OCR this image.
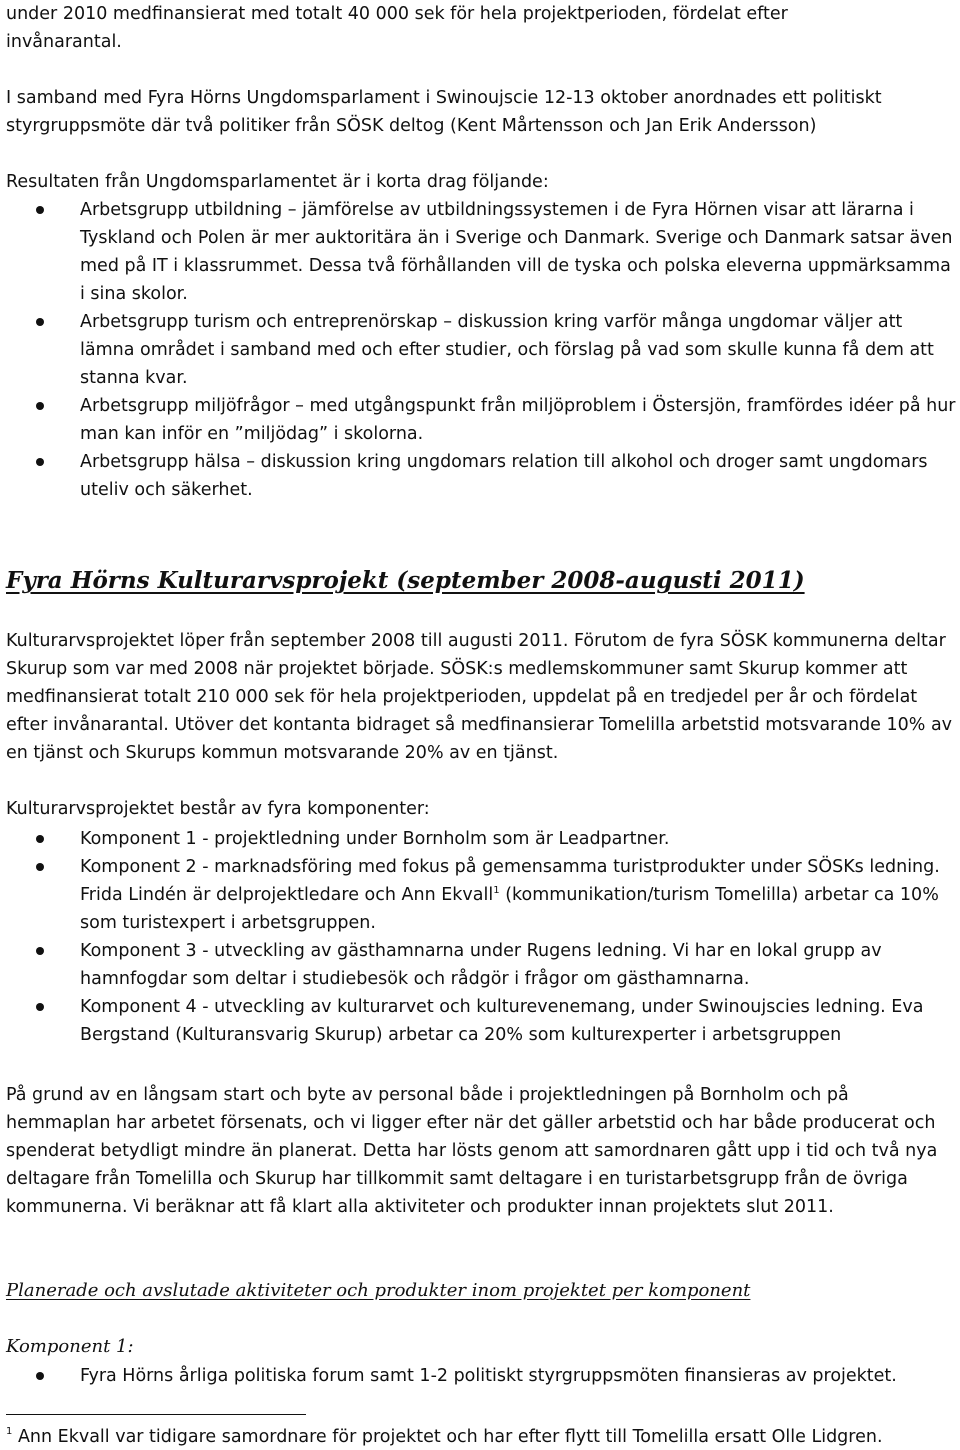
under 2010 medfinansierat med totalt 40 000 sek för hela projektperioden, fördelat efter
invånarantal.

I samband med Fyra Hörns Ungdomsparlament i Swinoujscie 12-13 oktober anordnades ett politiskt styrgruppsmöte där två politiker från SÖSK deltog (Kent Mårtensson och Jan Erik Andersson)

Resultaten från Ungdomsparlamentet är i korta drag följande:

Arbetsgrupp utbildning – jämförelse av utbildningssystemen i de Fyra Hörnen visar att lärarna i Tyskland och Polen är mer auktoritära än i Sverige och Danmark. Sverige och Danmark satsar även med på IT i klassrummet. Dessa två förhållanden vill de tyska och polska eleverna uppmärksamma i sina skolor.
Arbetsgrupp turism och entreprenörskap – diskussion kring varför många ungdomar väljer att lämna området i samband med och efter studier, och förslag på vad som skulle kunna få dem att stanna kvar.
Arbetsgrupp miljöfrågor – med utgångspunkt från miljöproblem i Östersjön, framfördes idéer på hur man kan inför en ”miljödag” i skolorna.
Arbetsgrupp hälsa – diskussion kring ungdomars relation till alkohol och droger samt ungdomars uteliv och säkerhet.
Fyra Hörns Kulturarvsprojekt (september 2008-augusti 2011)

Kulturarvsprojektet löper från september 2008 till augusti 2011. Förutom de fyra SÖSK kommunerna deltar Skurup som var med 2008 när projektet började. SÖSK:s medlemskommuner samt Skurup kommer att medfinansierat totalt 210 000 sek för hela projektperioden, uppdelat på en tredjedel per år och fördelat efter invånarantal. Utöver det kontanta bidraget så medfinansierar Tomelilla arbetstid motsvarande 10% av en tjänst och Skurups kommun motsvarande 20% av en tjänst.

Kulturarvsprojektet består av fyra komponenter:

Komponent 1 - projektledning under Bornholm som är Leadpartner.
Komponent 2 - marknadsföring med fokus på gemensamma turistprodukter under SÖSKs ledning. Frida Lindén är delprojektledare och Ann Ekvall$^1$ (kommunikation/turism Tomelilla) arbetar ca 10% som turistexpert i arbetsgruppen.
Komponent 3 - utveckling av gästhamnarna under Rugens ledning. Vi har en lokal grupp av hamnfogdar som deltar i studiebesök och rådgör i frågor om gästhamnarna.
Komponent 4 - utveckling av kulturarvet och kulturevenemang, under Swinoujscies ledning. Eva Bergstand (Kulturansvarig Skurup) arbetar ca 20% som kulturexperter i arbetsgruppen

På grund av en långsam start och byte av personal både i projektledningen på Bornholm och på hemmaplan har arbetet försenats, och vi ligger efter när det gäller arbetstid och har både producerat och spenderat betydligt mindre än planerat. Detta har lösts genom att samordnaren gått upp i tid och två nya deltagare från Tomelilla och Skurup har tillkommit samt deltagare i en turistarbetsgrupp från de övriga kommunerna. Vi beräknar att få klart alla aktiviteter och produkter innan projektets slut 2011.

Planerade och avslutade aktiviteter och produkter inom projektet per komponent

Komponent 1:

Fyra Hörns årliga politiska forum samt 1-2 politiskt styrgruppsmöten finansieras av projektet.
$^1$ Ann Ekvall var tidigare samordnare för projektet och har efter flytt till Tomelilla ersatt Olle Lidgren.
